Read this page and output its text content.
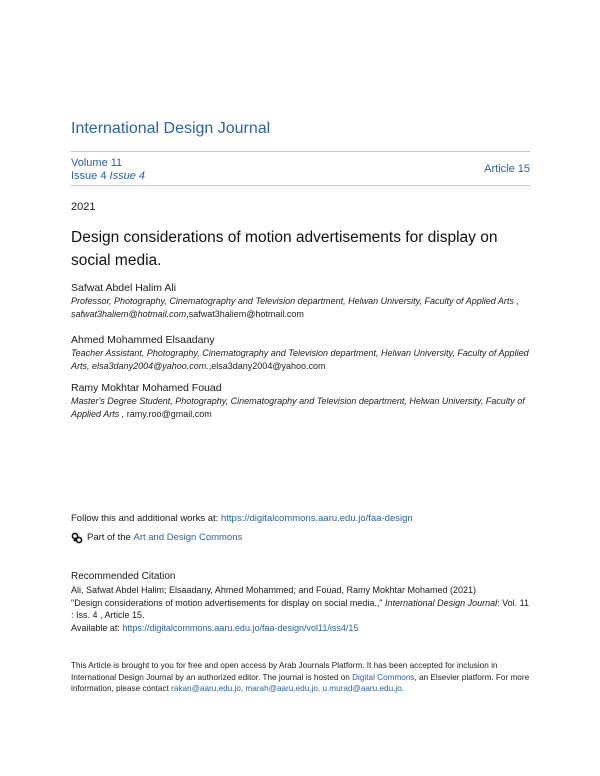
International Design Journal
Volume 11
Issue 4 Issue 4
Article 15
2021
Design considerations of motion advertisements for display on social media.
Safwat Abdel Halim Ali
Professor, Photography, Cinematography and Television department, Helwan University, Faculty of Applied Arts , safwat3haliem@hotmail.com,safwat3haliem@hotmail.com
Ahmed Mohammed Elsaadany
Teacher Assistant, Photography, Cinematography and Television department, Helwan University, Faculty of Applied Arts, elsa3dany2004@yahoo.com.,elsa3dany2004@yahoo.com
Ramy Mokhtar Mohamed Fouad
Master's Degree Student, Photography, Cinematography and Television department, Helwan University, Faculty of Applied Arts , ramy.roo@gmail.com
Follow this and additional works at: https://digitalcommons.aaru.edu.jo/faa-design
Part of the
Art and Design Commons
Recommended Citation
Ali, Safwat Abdel Halim; Elsaadany, Ahmed Mohammed; and Fouad, Ramy Mokhtar Mohamed (2021)
"Design considerations of motion advertisements for display on social media.," International Design Journal: Vol. 11 : Iss. 4 , Article 15.
Available at: https://digitalcommons.aaru.edu.jo/faa-design/vol11/iss4/15
This Article is brought to you for free and open access by Arab Journals Platform. It has been accepted for inclusion in International Design Journal by an authorized editor. The journal is hosted on Digital Commons, an Elsevier platform. For more information, please contact rakan@aaru.edu.jo, marah@aaru.edu.jo, u.murad@aaru.edu.jo.
